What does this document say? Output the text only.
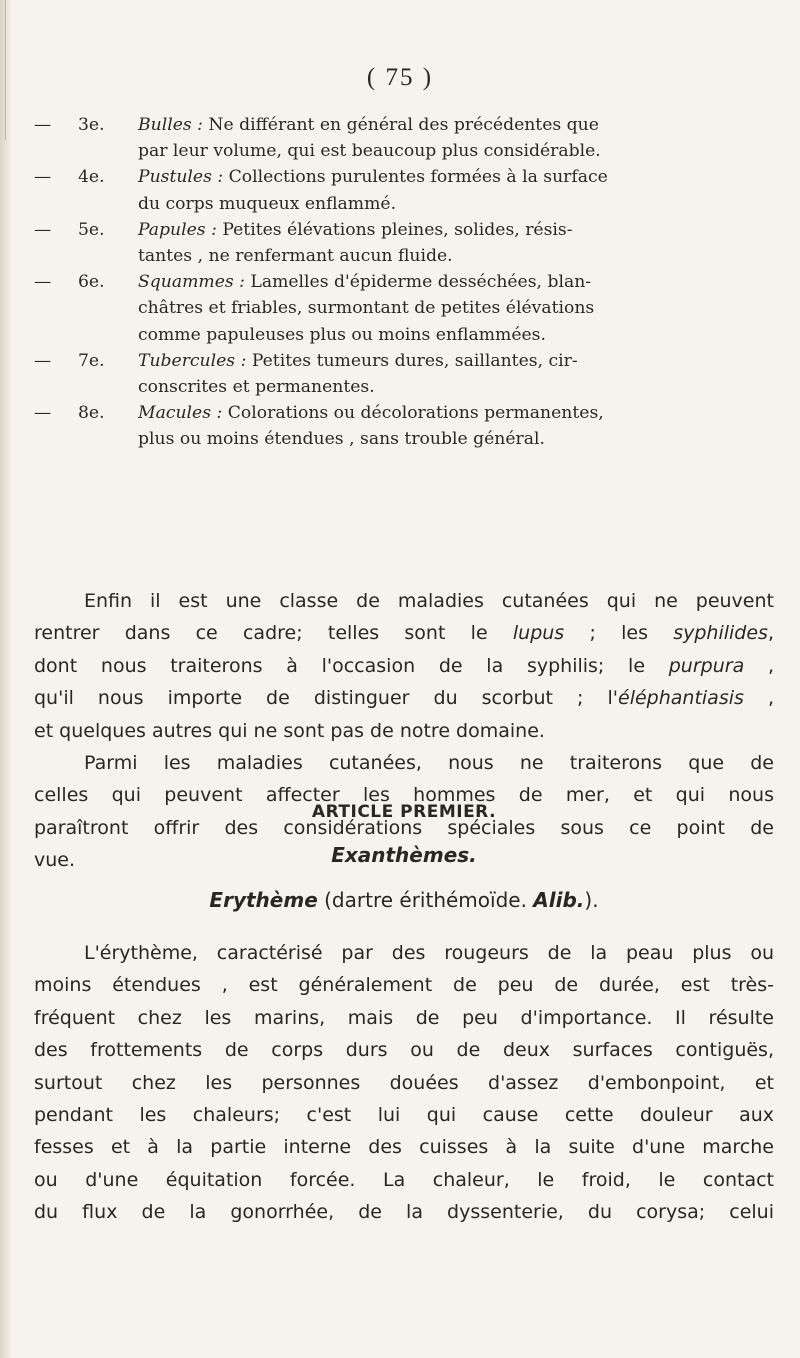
( 75 )
—	3e.	Bulles : Ne différant en général des précédentes que
par leur volume, qui est beaucoup plus considérable.
—	4e.	Pustules : Collections purulentes formées à la surface
du corps muqueux enflammé.
—	5e.	Papules : Petites élévations pleines, solides, résis-
tantes , ne renfermant aucun fluide.
—	6e.	Squammes : Lamelles d'épiderme desséchées, blan-
châtres et friables, surmontant de petites élévations
comme papuleuses plus ou moins enflammées.
—	7e.	Tubercules : Petites tumeurs dures, saillantes, cir-
conscrites et permanentes.
—	8e.	Macules : Colorations ou décolorations permanentes,
plus ou moins étendues , sans trouble général.
Enfin il est une classe de maladies cutanées qui ne peuvent
rentrer dans ce cadre; telles sont le lupus ; les syphilides,
dont nous traiterons à l'occasion de la syphilis; le purpura ,
qu'il nous importe de distinguer du scorbut ; l'éléphantiasis ,
et quelques autres qui ne sont pas de notre domaine.
Parmi les maladies cutanées, nous ne traiterons que de
celles qui peuvent affecter les hommes de mer, et qui nous
paraîtront offrir des considérations spéciales sous ce point de
vue.
ARTICLE PREMIER.
Exanthèmes.
Erythème (dartre érithémoïde. Alib.).
L'érythème, caractérisé par des rougeurs de la peau plus ou
moins étendues , est généralement de peu de durée, est très-
fréquent chez les marins, mais de peu d'importance. Il résulte
des frottements de corps durs ou de deux surfaces contiguës,
surtout chez les personnes douées d'assez d'embonpoint, et
pendant les chaleurs; c'est lui qui cause cette douleur aux
fesses et à la partie interne des cuisses à la suite d'une marche
ou d'une équitation forcée. La chaleur, le froid, le contact
du flux de la gonorrhée, de la dyssenterie, du corysa; celui
